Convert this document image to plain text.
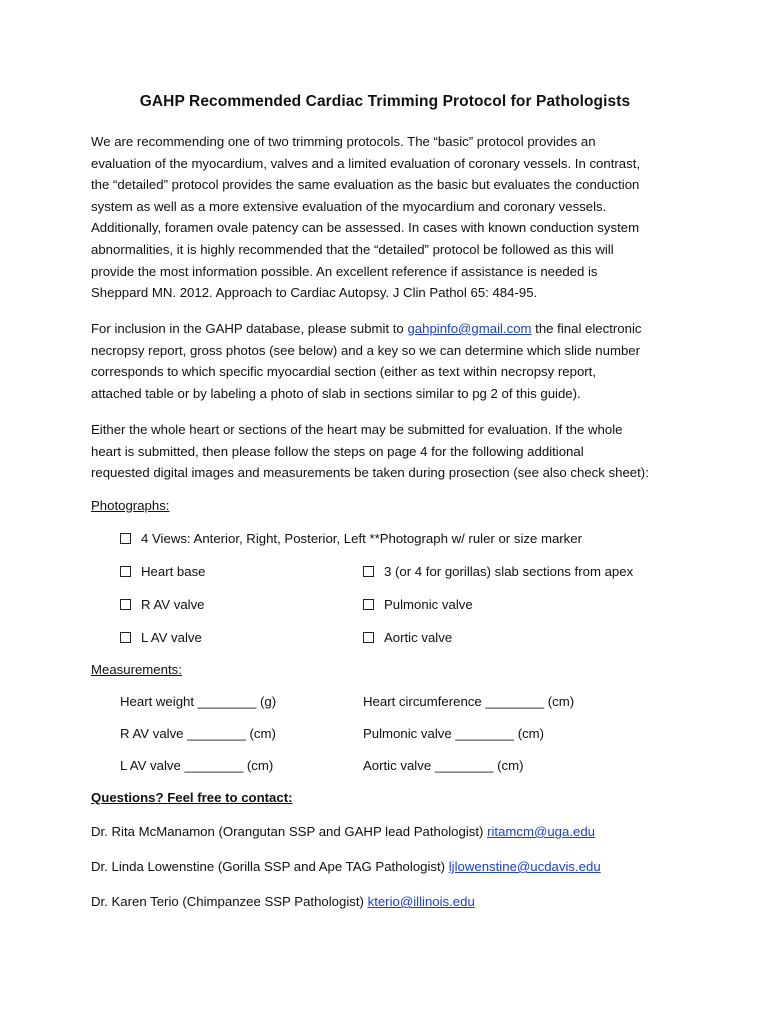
GAHP Recommended Cardiac Trimming Protocol for Pathologists

We are recommending one of two trimming protocols. The “basic” protocol provides an
evaluation of the myocardium, valves and a limited evaluation of coronary vessels. In contrast,
the “detailed” protocol provides the same evaluation as the basic but evaluates the conduction
system as well as a more extensive evaluation of the myocardium and coronary vessels.
Additionally, foramen ovale patency can be assessed. In cases with known conduction system
abnormalities, it is highly recommended that the “detailed” protocol be followed as this will
provide the most information possible. An excellent reference if assistance is needed is
Sheppard MN. 2012. Approach to Cardiac Autopsy. J Clin Pathol 65: 484-95.

For inclusion in the GAHP database, please submit to gahpinfo@gmail.com the final electronic
necropsy report, gross photos (see below) and a key so we can determine which slide number
corresponds to which specific myocardial section (either as text within necropsy report,
attached table or by labeling a photo of slab in sections similar to pg 2 of this guide).

Either the whole heart or sections of the heart may be submitted for evaluation. If the whole
heart is submitted, then please follow the steps on page 4 for the following additional
requested digital images and measurements be taken during prosection (see also check sheet):

Photographs:
4 Views: Anterior, Right, Posterior, Left **Photograph w/ ruler or size marker
Heart base	3 (or 4 for gorillas) slab sections from apex
R AV valve	Pulmonic valve
L AV valve	Aortic valve
Measurements:
Heart weight ________ (g)	Heart circumference ________ (cm)
R AV valve ________ (cm)	Pulmonic valve ________ (cm)
L AV valve ________ (cm)	Aortic valve ________ (cm)
Questions? Feel free to contact:
Dr. Rita McManamon (Orangutan SSP and GAHP lead Pathologist) ritamcm@uga.edu
Dr. Linda Lowenstine (Gorilla SSP and Ape TAG Pathologist) ljlowenstine@ucdavis.edu
Dr. Karen Terio (Chimpanzee SSP Pathologist) kterio@illinois.edu
